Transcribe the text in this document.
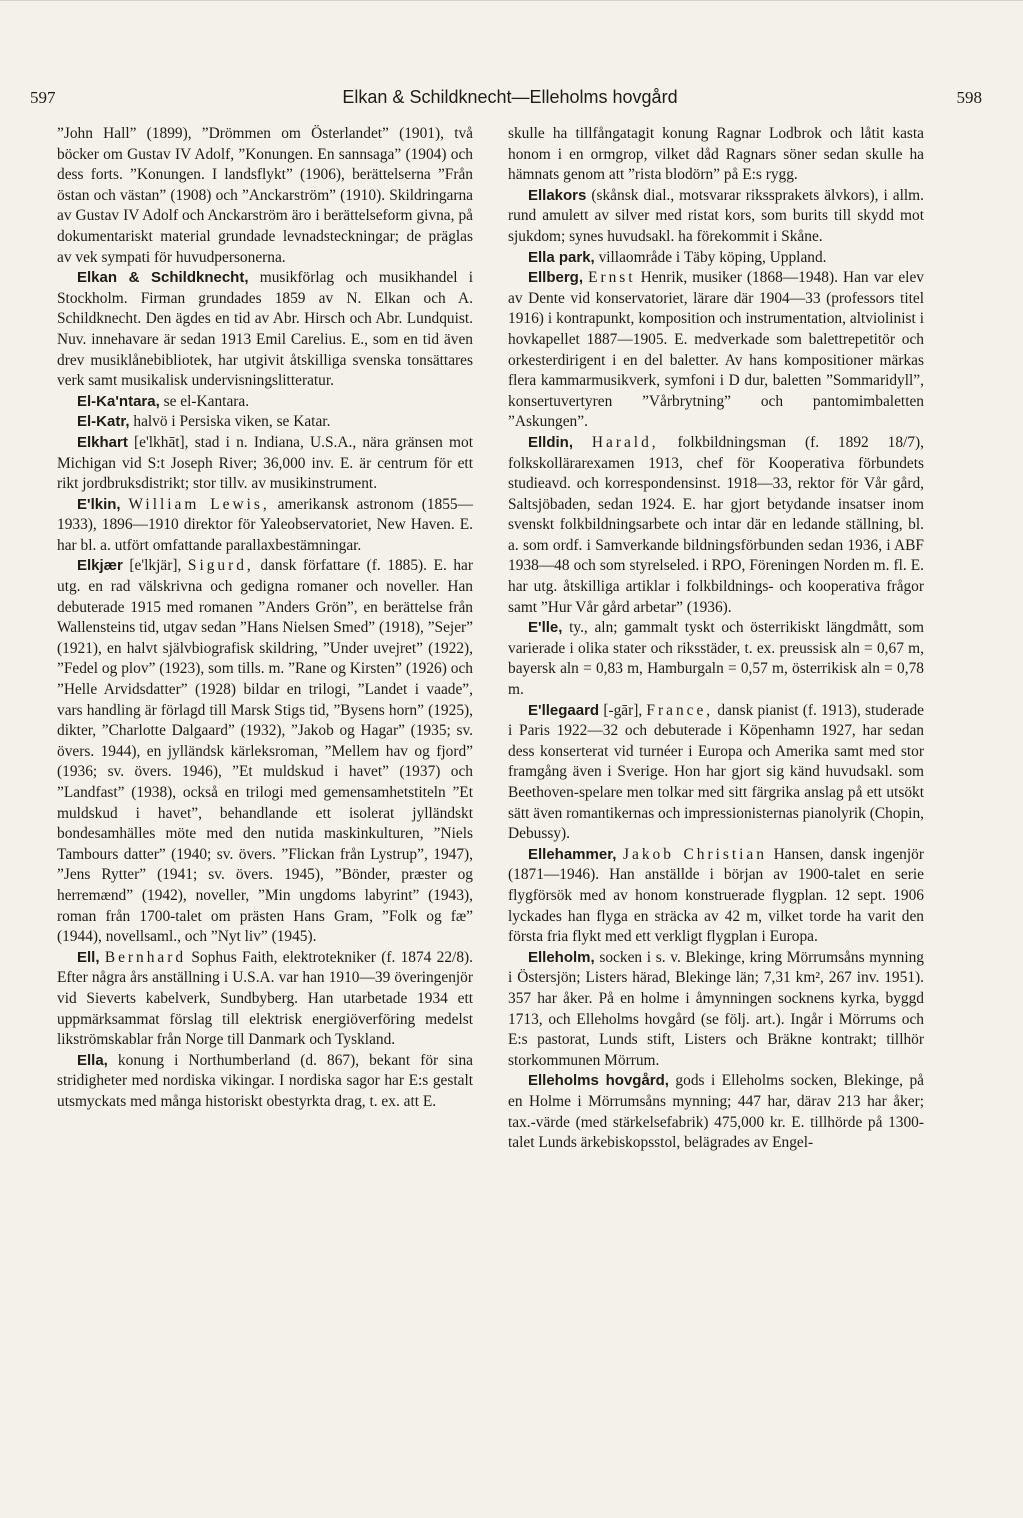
597	Elkan & Schildknecht—Elleholms hovgård	598

”John Hall” (1899), ”Drömmen om Österlandet” (1901), två böcker om Gustav IV Adolf, ”Konungen. En sannsaga” (1904) och dess forts. ”Konungen. I landsflykt” (1906), berättelserna ”Från östan och västan” (1908) och ”Anckarström” (1910). Skildringarna av Gustav IV Adolf och Anckarström äro i berättelseform givna, på dokumentariskt material grundade levnadsteckningar; de präglas av vek sympati för huvudpersonerna.

Elkan & Schildknecht, musikförlag och musikhandel i Stockholm. Firman grundades 1859 av N. Elkan och A. Schildknecht. Den ägdes en tid av Abr. Hirsch och Abr. Lundquist. Nuv. innehavare är sedan 1913 Emil Carelius. E., som en tid även drev musiklånebibliotek, har utgivit åtskilliga svenska tonsättares verk samt musikalisk undervisningslitteratur.

El-Ka'ntara, se el-Kantara.

El-Katr, halvö i Persiska viken, se Katar.

Elkhart [e'lkhāt], stad i n. Indiana, U.S.A., nära gränsen mot Michigan vid S:t Joseph River; 36,000 inv. E. är centrum för ett rikt jordbruksdistrikt; stor tillv. av musikinstrument.

E'lkin, William Lewis, amerikansk astronom (1855—1933), 1896—1910 direktor för Yaleobservatoriet, New Haven. E. har bl. a. utfört omfattande parallaxbestämningar.

Elkjær [e'lkjär], Sigurd, dansk författare (f. 1885). E. har utg. en rad välskrivna och gedigna romaner och noveller. Han debuterade 1915 med romanen ”Anders Grön”, en berättelse från Wallensteins tid, utgav sedan ”Hans Nielsen Smed” (1918), ”Sejer” (1921), en halvt självbiografisk skildring, ”Under uvejret” (1922), ”Fedel og plov” (1923), som tills. m. ”Rane og Kirsten” (1926) och ”Helle Arvidsdatter” (1928) bildar en trilogi, ”Landet i vaade”, vars handling är förlagd till Marsk Stigs tid, ”Bysens horn” (1925), dikter, ”Charlotte Dalgaard” (1932), ”Jakob og Hagar” (1935; sv. övers. 1944), en jylländsk kärleksroman, ”Mellem hav og fjord” (1936; sv. övers. 1946), ”Et muldskud i havet” (1937) och ”Landfast” (1938), också en trilogi med gemensamhetstiteln ”Et muldskud i havet”, behandlande ett isolerat jylländskt bondesamhälles möte med den nutida maskinkulturen, ”Niels Tambours datter” (1940; sv. övers. ”Flickan från Lystrup”, 1947), ”Jens Rytter” (1941; sv. övers. 1945), ”Bönder, præster og herremænd” (1942), noveller, ”Min ungdoms labyrint” (1943), roman från 1700-talet om prästen Hans Gram, ”Folk og fæ” (1944), novellsaml., och ”Nyt liv” (1945).

Ell, Bernhard Sophus Faith, elektrotekniker (f. 1874 22/8). Efter några års anställning i U.S.A. var han 1910—39 överingenjör vid Sieverts kabelverk, Sundbyberg. Han utarbetade 1934 ett uppmärksammat förslag till elektrisk energiöverföring medelst likströmskablar från Norge till Danmark och Tyskland.

Ella, konung i Northumberland (d. 867), bekant för sina stridigheter med nordiska vikingar. I nordiska sagor har E:s gestalt utsmyckats med många historiskt obestyrkta drag, t. ex. att E.

skulle ha tillfångatagit konung Ragnar Lodbrok och låtit kasta honom i en ormgrop, vilket dåd Ragnars söner sedan skulle ha hämnats genom att ”rista blodörn” på E:s rygg.

Ellakors (skånsk dial., motsvarar rikssprakets älvkors), i allm. rund amulett av silver med ristat kors, som burits till skydd mot sjukdom; synes huvudsakl. ha förekommit i Skåne.

Ella park, villaområde i Täby köping, Uppland.

Ellberg, Ernst Henrik, musiker (1868—1948). Han var elev av Dente vid konservatoriet, lärare där 1904—33 (professors titel 1916) i kontrapunkt, komposition och instrumentation, altviolinist i hovkapellet 1887—1905. E. medverkade som balettrepetitör och orkesterdirigent i en del baletter. Av hans kompositioner märkas flera kammarmusikverk, symfoni i D dur, baletten ”Sommaridyll”, konsertuvertyren ”Vårbrytning” och pantomimbaletten ”Askungen”.

Elldin, Harald, folkbildningsman (f. 1892 18/7), folkskollärarexamen 1913, chef för Kooperativa förbundets studieavd. och korrespondensinst. 1918—33, rektor för Vår gård, Saltsjöbaden, sedan 1924. E. har gjort betydande insatser inom svenskt folkbildningsarbete och intar där en ledande ställning, bl. a. som ordf. i Samverkande bildningsförbunden sedan 1936, i ABF 1938—48 och som styrelseled. i RPO, Föreningen Norden m. fl. E. har utg. åtskilliga artiklar i folkbildnings- och kooperativa frågor samt ”Hur Vår gård arbetar” (1936).

E'lle, ty., aln; gammalt tyskt och österrikiskt längdmått, som varierade i olika stater och riksstäder, t. ex. preussisk aln = 0,67 m, bayersk aln = 0,83 m, Hamburgaln = 0,57 m, österrikisk aln = 0,78 m.

E'llegaard [-gār], France, dansk pianist (f. 1913), studerade i Paris 1922—32 och debuterade i Köpenhamn 1927, har sedan dess konserterat vid turnéer i Europa och Amerika samt med stor framgång även i Sverige. Hon har gjort sig känd huvudsakl. som Beethoven-spelare men tolkar med sitt färgrika anslag på ett utsökt sätt även romantikernas och impressionisternas pianolyrik (Chopin, Debussy).

Ellehammer, Jakob Christian Hansen, dansk ingenjör (1871—1946). Han anställde i början av 1900-talet en serie flygförsök med av honom konstruerade flygplan. 12 sept. 1906 lyckades han flyga en sträcka av 42 m, vilket torde ha varit den första fria flykt med ett verkligt flygplan i Europa.

Elleholm, socken i s. v. Blekinge, kring Mörrumsåns mynning i Östersjön; Listers härad, Blekinge län; 7,31 km², 267 inv. 1951). 357 har åker. På en holme i åmynningen socknens kyrka, byggd 1713, och Elleholms hovgård (se följ. art.). Ingår i Mörrums och E:s pastorat, Lunds stift, Listers och Bräkne kontrakt; tillhör storkommunen Mörrum.

Elleholms hovgård, gods i Elleholms socken, Blekinge, på en Holme i Mörrumsåns mynning; 447 har, därav 213 har åker; tax.-värde (med stärkelsefabrik) 475,000 kr. E. tillhörde på 1300-talet Lunds ärkebiskopsstol, belägrades av Engel-
